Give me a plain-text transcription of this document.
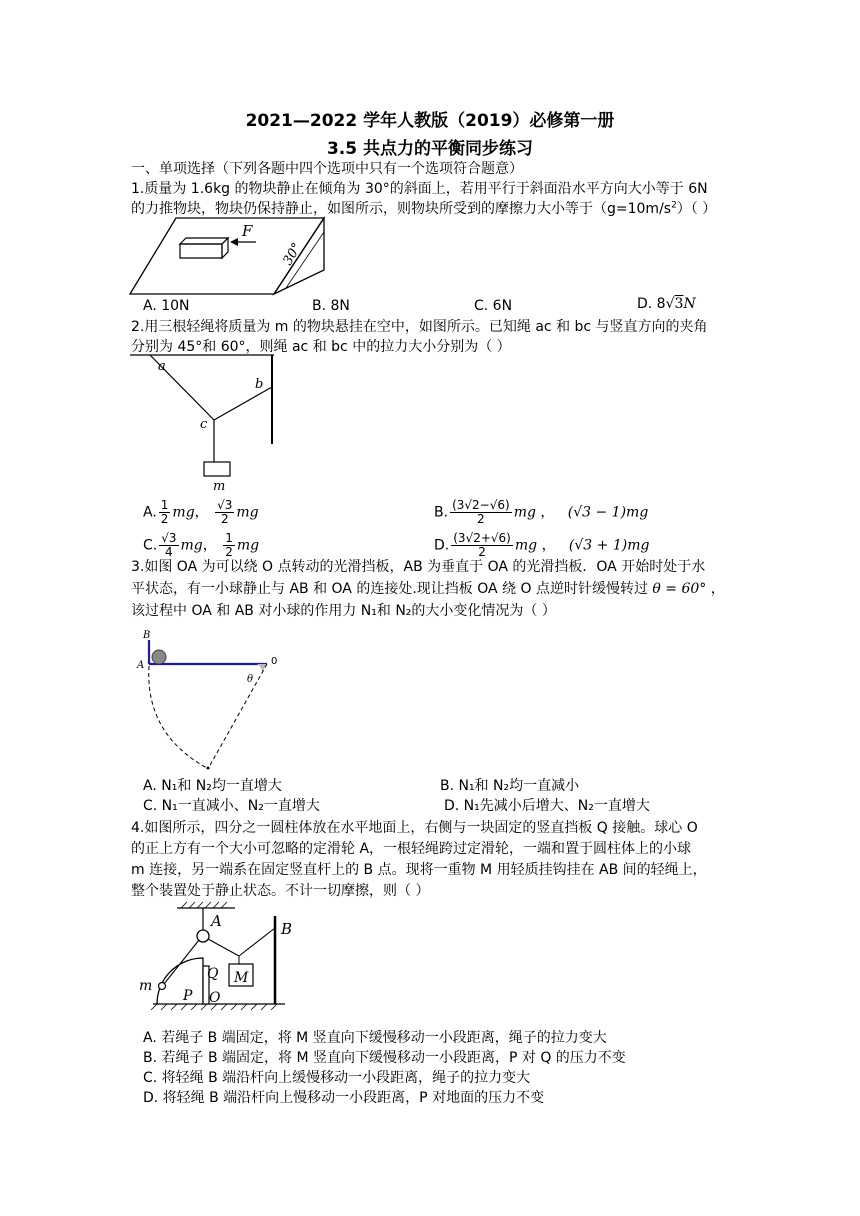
2021—2022 学年人教版（2019）必修第一册
3.5 共点力的平衡同步练习
一、单项选择（下列各题中四个选项中只有一个选项符合题意）
1.质量为 1.6kg 的物块静止在倾角为 30°的斜面上，若用平行于斜面沿水平方向大小等于 6N
的力推物块，物块仍保持静止，如图所示，则物块所受到的摩擦力大小等于$(g=10m/s^2)$（ ）
F
30°
A. 10N	B. 8N	C. 6N	D. 8√3N
2.用三根轻绳将质量为 m 的物块悬挂在空中，如图所示。已知绳 ac 和 bc 与竖直方向的夹角
分别为 45°和 60°，则绳 ac 和 bc 中的拉力大小分别为（ ）
a
b
c
m
A. $\frac{1}{2}$ mg， $\frac{√3}{2}$ mg	B. $\frac{(3√2-√6)}{2}$ mg ， (√3 − 1)mg
C. $\frac{√3}{4}$ mg， $\frac{1}{2}$ mg	D. $\frac{(3√2+√6)}{2}$ mg ， (√3 + 1)mg
3.如图 OA 为可以绕 O 点转动的光滑挡板，AB 为垂直于 OA 的光滑挡板．OA 开始时处于水
平状态，有一小球静止与 AB 和 OA 的连接处.现让挡板 OA 绕 O 点逆时针缓慢转过 θ = 60° ，
该过程中 OA 和 AB 对小球的作用力 N₁和 N₂的大小变化情况为（ ）
B
A	0
θ
A. N₁和 N₂均一直增大	B. N₁和 N₂均一直减小
C. N₁一直减小、N₂一直增大	D. N₁先减小后增大、N₂一直增大
4.如图所示，四分之一圆柱体放在水平地面上，右侧与一块固定的竖直挡板 Q 接触。球心 O
的正上方有一个大小可忽略的定滑轮 A，一根轻绳跨过定滑轮，一端和置于圆柱体上的小球
m 连接，另一端系在固定竖直杆上的 B 点。现将一重物 M 用轻质挂钩挂在 AB 间的轻绳上，
整个装置处于静止状态。不计一切摩擦，则（ ）
A	B
Q M
m
P O
A. 若绳子 B 端固定，将 M 竖直向下缓慢移动一小段距离，绳子的拉力变大
B. 若绳子 B 端固定，将 M 竖直向下缓慢移动一小段距离，P 对 Q 的压力不变
C. 将轻绳 B 端沿杆向上缓慢移动一小段距离，绳子的拉力变大
D. 将轻绳 B 端沿杆向上慢移动一小段距离，P 对地面的压力不变
